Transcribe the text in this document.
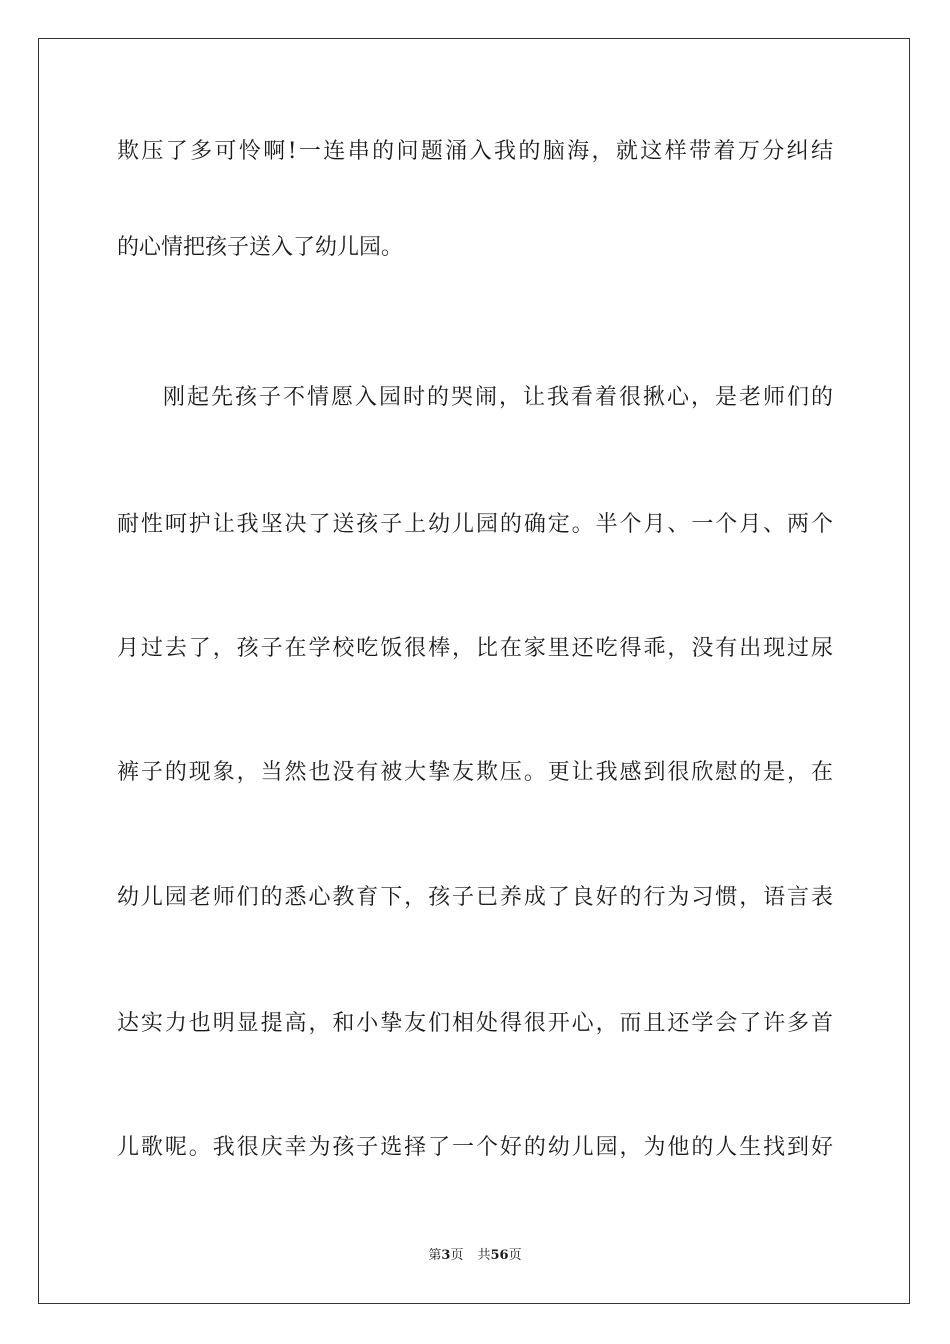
欺压了多可怜啊!一连串的问题涌入我的脑海，就这样带着万分纠结
的心情把孩子送入了幼儿园。
刚起先孩子不情愿入园时的哭闹，让我看着很揪心，是老师们的
耐性呵护让我坚决了送孩子上幼儿园的确定。半个月、一个月、两个
月过去了，孩子在学校吃饭很棒，比在家里还吃得乖，没有出现过尿
裤子的现象，当然也没有被大挚友欺压。更让我感到很欣慰的是，在
幼儿园老师们的悉心教育下，孩子已养成了良好的行为习惯，语言表
达实力也明显提高，和小挚友们相处得很开心，而且还学会了许多首
儿歌呢。我很庆幸为孩子选择了一个好的幼儿园，为他的人生找到好
第3页 共56页
